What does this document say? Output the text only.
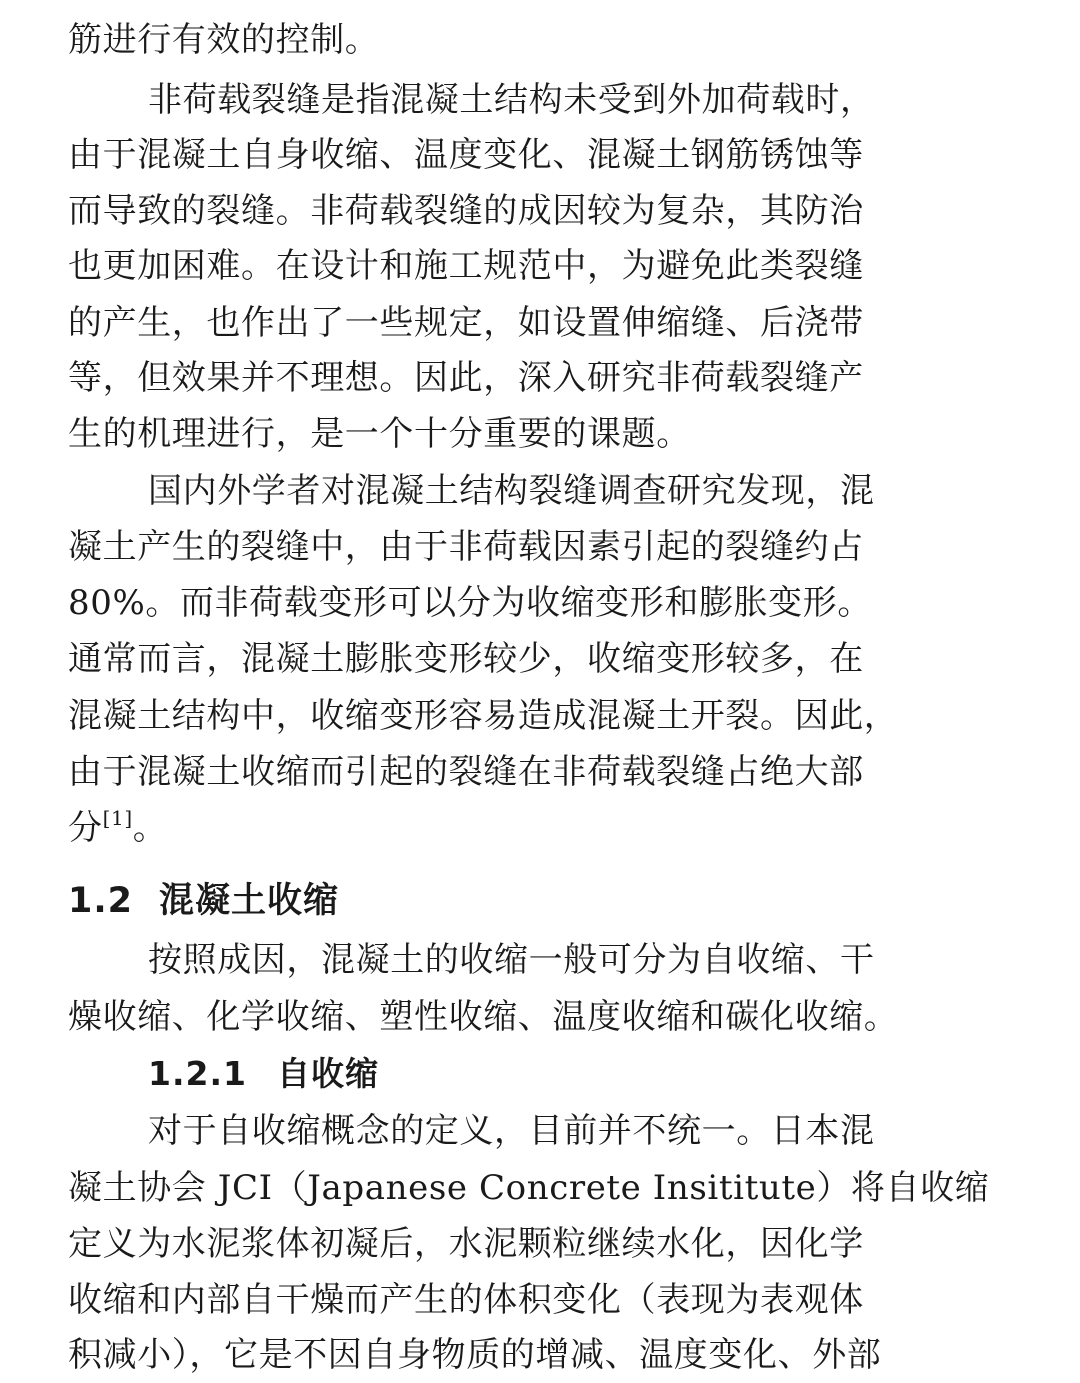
筋进行有效的控制。
非荷载裂缝是指混凝土结构未受到外加荷载时，
由于混凝土自身收缩、温度变化、混凝土钢筋锈蚀等
而导致的裂缝。非荷载裂缝的成因较为复杂，其防治
也更加困难。在设计和施工规范中，为避免此类裂缝
的产生，也作出了一些规定，如设置伸缩缝、后浇带
等，但效果并不理想。因此，深入研究非荷载裂缝产
生的机理进行，是一个十分重要的课题。
国内外学者对混凝土结构裂缝调查研究发现，混
凝土产生的裂缝中，由于非荷载因素引起的裂缝约占
80%。而非荷载变形可以分为收缩变形和膨胀变形。
通常而言，混凝土膨胀变形较少，收缩变形较多，在
混凝土结构中，收缩变形容易造成混凝土开裂。因此，
由于混凝土收缩而引起的裂缝在非荷载裂缝占绝大部
分[1]。
1.2 混凝土收缩
按照成因，混凝土的收缩一般可分为自收缩、干
燥收缩、化学收缩、塑性收缩、温度收缩和碳化收缩。
1.2.1 自收缩
对于自收缩概念的定义，目前并不统一。日本混
凝土协会 JCI（Japanese Concrete Insititute）将自收缩
定义为水泥浆体初凝后，水泥颗粒继续水化，因化学
收缩和内部自干燥而产生的体积变化（表现为表观体
积减小），它是不因自身物质的增减、温度变化、外部
